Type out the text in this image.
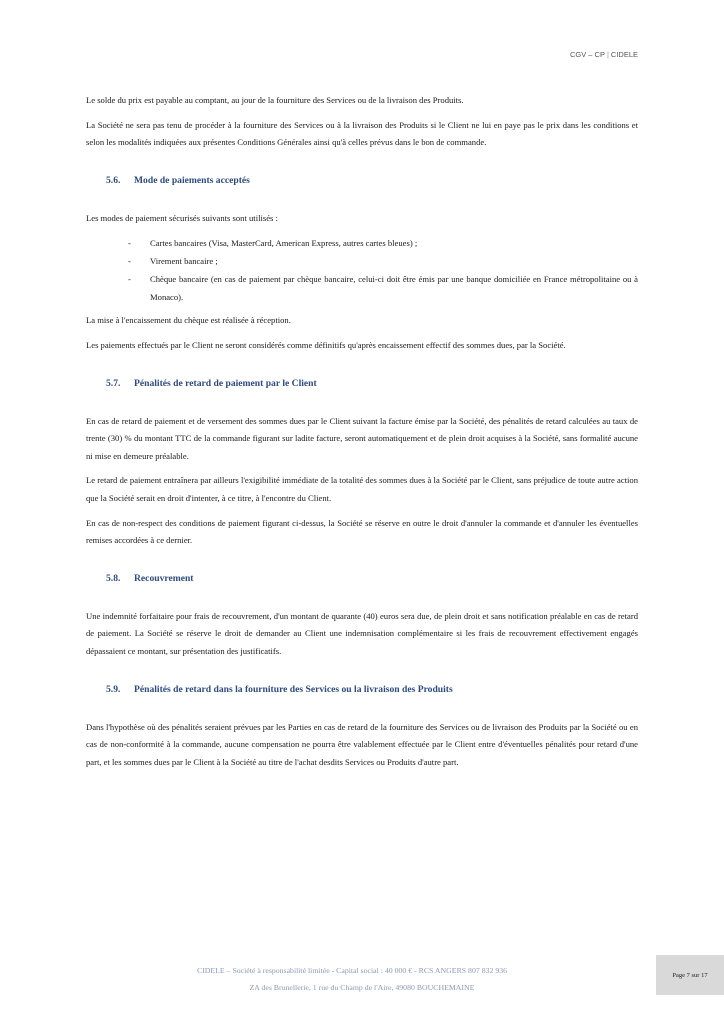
CGV – CP | CIDELE

Le solde du prix est payable au comptant, au jour de la fourniture des Services ou de la livraison des Produits.

La Société ne sera pas tenu de procéder à la fourniture des Services ou à la livraison des Produits si le Client ne lui en paye pas le prix dans les conditions et selon les modalités indiquées aux présentes Conditions Générales ainsi qu'à celles prévus dans le bon de commande.

5.6. Mode de paiements acceptés

Les modes de paiement sécurisés suivants sont utilisés :

- Cartes bancaires (Visa, MasterCard, American Express, autres cartes bleues) ;
- Virement bancaire ;
- Chèque bancaire (en cas de paiement par chèque bancaire, celui-ci doit être émis par une banque domiciliée en France métropolitaine ou à Monaco).

La mise à l'encaissement du chèque est réalisée à réception.

Les paiements effectués par le Client ne seront considérés comme définitifs qu'après encaissement effectif des sommes dues, par la Société.

5.7. Pénalités de retard de paiement par le Client

En cas de retard de paiement et de versement des sommes dues par le Client suivant la facture émise par la Société, des pénalités de retard calculées au taux de trente (30) % du montant TTC de la commande figurant sur ladite facture, seront automatiquement et de plein droit acquises à la Société, sans formalité aucune ni mise en demeure préalable.

Le retard de paiement entraînera par ailleurs l'exigibilité immédiate de la totalité des sommes dues à la Société par le Client, sans préjudice de toute autre action que la Société serait en droit d'intenter, à ce titre, à l'encontre du Client.

En cas de non-respect des conditions de paiement figurant ci-dessus, la Société se réserve en outre le droit d'annuler la commande et d'annuler les éventuelles remises accordées à ce dernier.

5.8. Recouvrement

Une indemnité forfaitaire pour frais de recouvrement, d'un montant de quarante (40) euros sera due, de plein droit et sans notification préalable en cas de retard de paiement. La Société se réserve le droit de demander au Client une indemnisation complémentaire si les frais de recouvrement effectivement engagés dépassaient ce montant, sur présentation des justificatifs.

5.9. Pénalités de retard dans la fourniture des Services ou la livraison des Produits

Dans l'hypothèse où des pénalités seraient prévues par les Parties en cas de retard de la fourniture des Services ou de livraison des Produits par la Société ou en cas de non-conformité à la commande, aucune compensation ne pourra être valablement effectuée par le Client entre d'éventuelles pénalités pour retard d'une part, et les sommes dues par le Client à la Société au titre de l'achat desdits Services ou Produits d'autre part.

CIDELE – Société à responsabilité limitée - Capital social : 40 000 € - RCS ANGERS 807 832 936
ZA des Brunellerie, 1 rue du Champ de l'Aire, 49080 BOUCHEMAINE
Page 7 sur 17
